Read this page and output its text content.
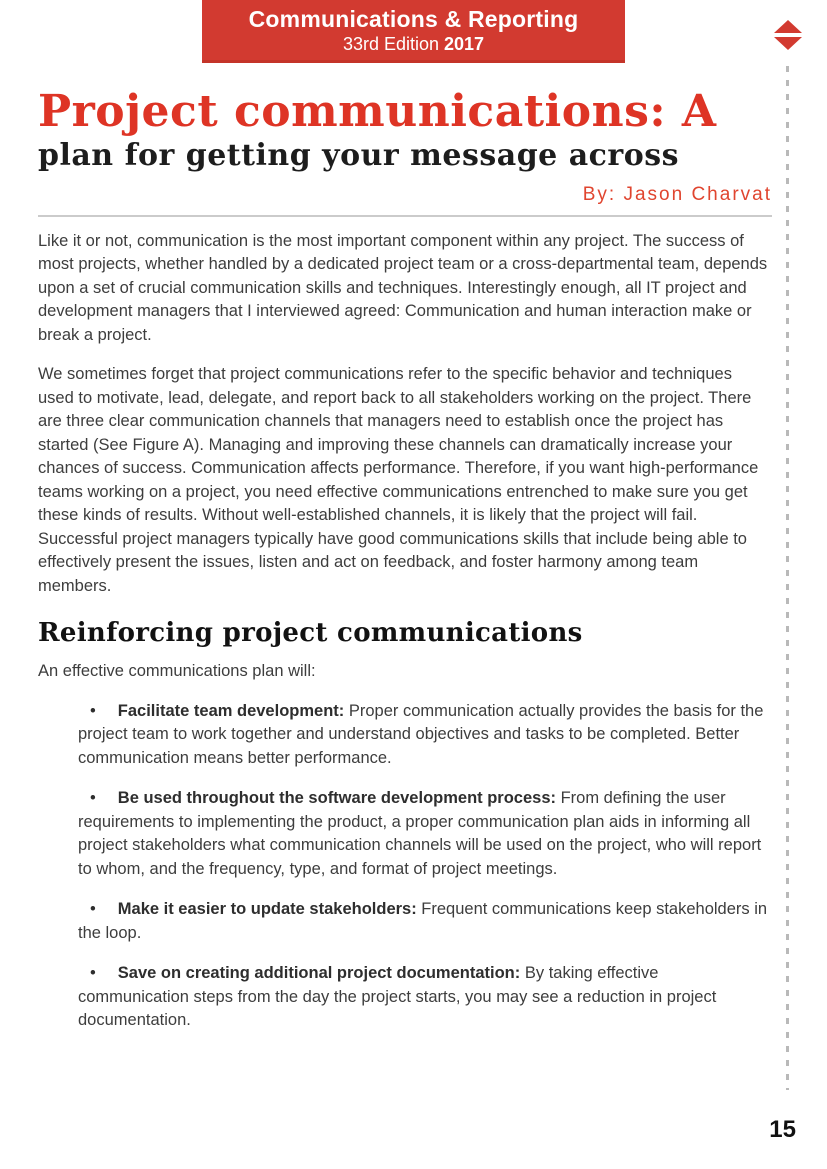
Communications & Reporting
33rd Edition 2017
Project communications: A
plan for getting your message across
By: Jason Charvat
Like it or not, communication is the most important component within any project. The success of most projects, whether handled by a dedicated project team or a cross-departmental team, depends upon a set of crucial communication skills and techniques. Interestingly enough, all IT project and development managers that I interviewed agreed: Communication and human interaction make or break a project.
We sometimes forget that project communications refer to the specific behavior and techniques used to motivate, lead, delegate, and report back to all stakeholders working on the project. There are three clear communication channels that managers need to establish once the project has started (See Figure A). Managing and improving these channels can dramatically increase your chances of success. Communication affects performance. Therefore, if you want high-performance teams working on a project, you need effective communications entrenched to make sure you get these kinds of results. Without well-established channels, it is likely that the project will fail. Successful project managers typically have good communications skills that include being able to effectively present the issues, listen and act on feedback, and foster harmony among team members.
Reinforcing project communications
An effective communications plan will:
• Facilitate team development: Proper communication actually provides the basis for the project team to work together and understand objectives and tasks to be completed. Better communication means better performance.
• Be used throughout the software development process: From defining the user requirements to implementing the product, a proper communication plan aids in informing all project stakeholders what communication channels will be used on the project, who will report to whom, and the frequency, type, and format of project meetings.
• Make it easier to update stakeholders: Frequent communications keep stakeholders in the loop.
• Save on creating additional project documentation: By taking effective communication steps from the day the project starts, you may see a reduction in project documentation.
15
